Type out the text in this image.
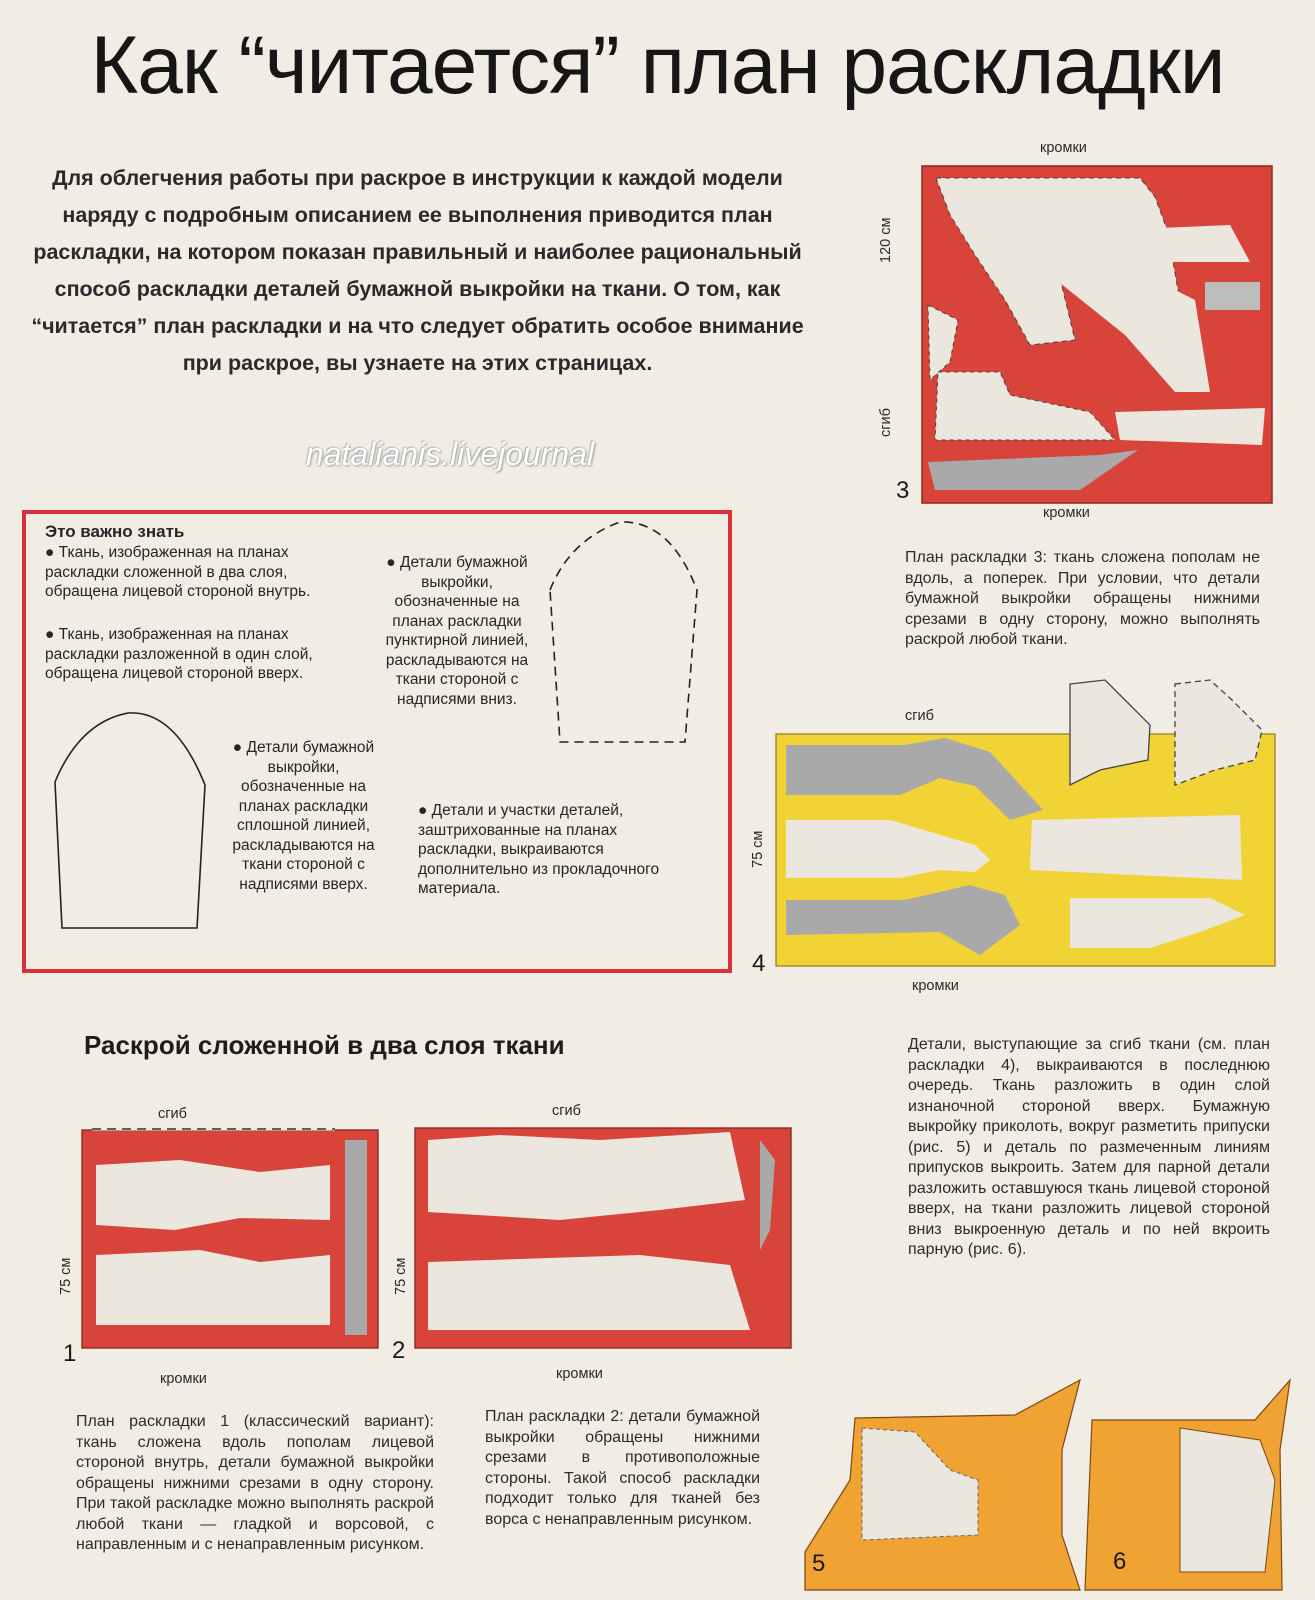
Как “читается” план раскладки
Для облегчения работы при раскрое в инструкции к каждой модели наряду с подробным описанием ее выполнения приводится план раскладки, на котором показан правильный и наиболее рациональный способ раскладки деталей бумажной выкройки на ткани. О том, как “читается” план раскладки и на что следует обратить особое внимание при раскрое, вы узнаете на этих страницах.
natalianis.livejournal
Это важно знать
● Ткань, изображенная на планах раскладки сложенной в два слоя, обращена лицевой стороной внутрь.
● Ткань, изображенная на планах раскладки разложенной в один слой, обращена лицевой стороной вверх.
● Детали бумажной выкройки, обозначенные на планах раскладки сплошной линией, раскладываются на ткани стороной с надписями вверх.
● Детали бумажной выкройки, обозначенные на планах раскладки пунктирной линией, раскладываются на ткани стороной с надписями вниз.
● Детали и участки деталей, заштрихованные на планах раскладки, выкраиваются дополнительно из прокладочного материала.
кромки
кромки
120 см
сгиб
3
План раскладки 3: ткань сложена пополам не вдоль, а поперек. При условии, что детали бумажной выкройки обращены нижними срезами в одну сторону, можно выполнять раскрой любой ткани.
сгиб
кромки
75 см
4
Детали, выступающие за сгиб ткани (см. план раскладки 4), выкраиваются в последнюю очередь. Ткань разложить в один слой изнаночной стороной вверх. Бумажную выкройку приколоть, вокруг разметить припуски (рис. 5) и деталь по размеченным линиям припусков выкроить. Затем для парной детали разложить оставшуюся ткань лицевой стороной вверх, на ткани разложить лицевой стороной вниз выкроенную деталь и по ней вкроить парную (рис. 6).
Раскрой сложенной в два слоя ткани
сгиб	сгиб
кромки	кромки
75 см	75 см
1	2
План раскладки 1 (классический вариант): ткань сложена вдоль пополам лицевой стороной внутрь, детали бумажной выкройки обращены нижними срезами в одну сторону. При такой раскладке можно выполнять раскрой любой ткани — гладкой и ворсовой, с направленным и с ненаправленным рисунком.
План раскладки 2: детали бумажной выкройки обращены нижними срезами в противоположные стороны. Такой способ раскладки подходит только для тканей без ворса с ненаправленным рисунком.
5	6
